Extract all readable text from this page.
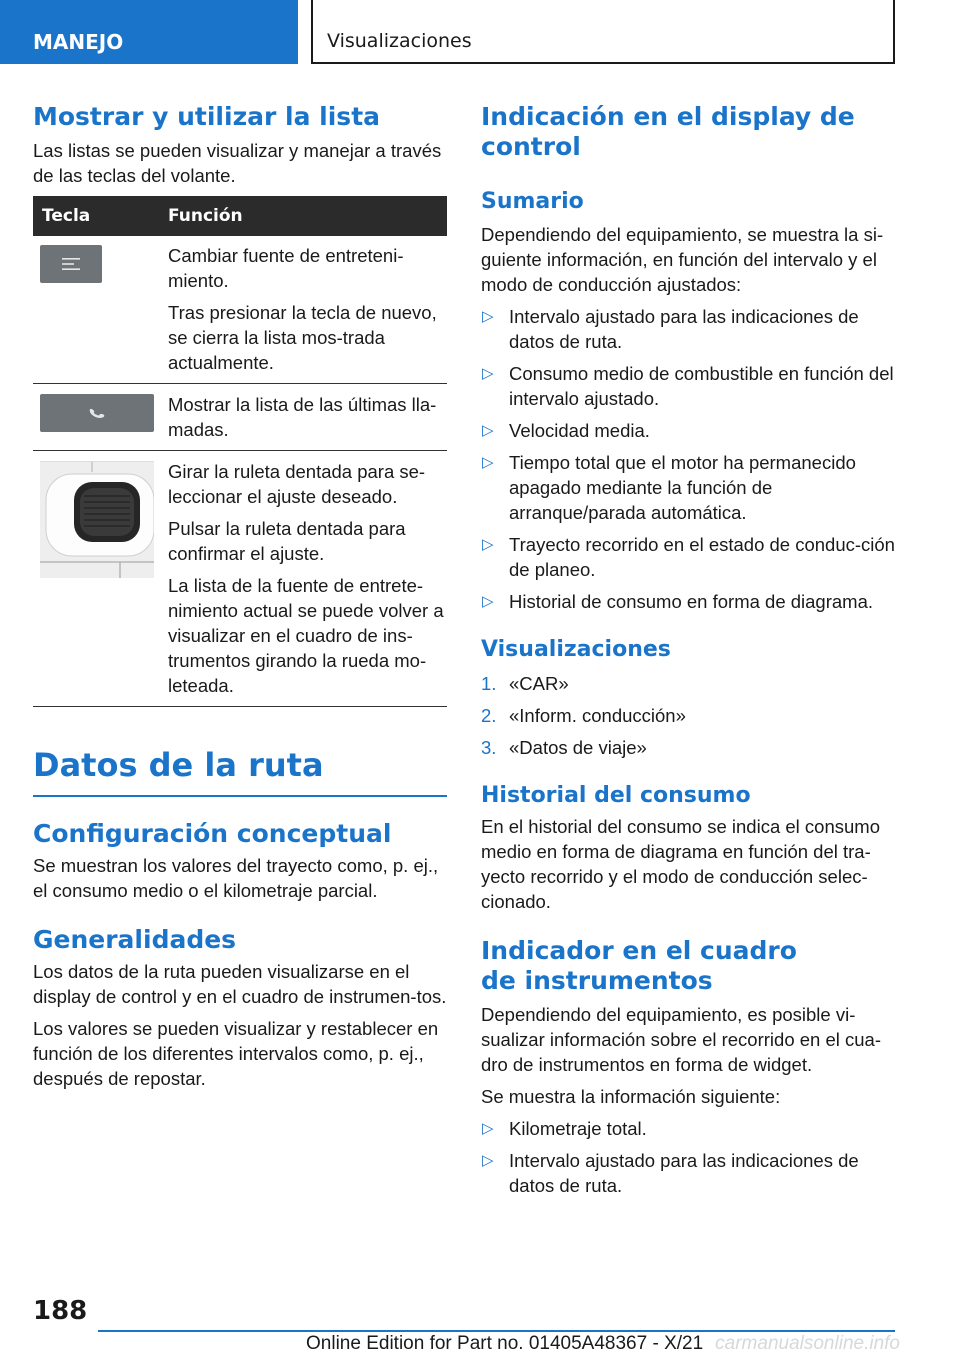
MANEJO	Visualizaciones
Mostrar y utilizar la lista

Las listas se pueden visualizar y manejar a través de las teclas del volante.

Tecla	Función

Cambiar fuente de entreteni-miento.

Tras presionar la tecla de nuevo, se cierra la lista mos-trada actualmente.

Mostrar la lista de las últimas lla-madas.

Girar la ruleta dentada para se-leccionar el ajuste deseado.

Pulsar la ruleta dentada para confirmar el ajuste.

La lista de la fuente de entrete-nimiento actual se puede volver a visualizar en el cuadro de ins-trumentos girando la rueda mo-leteada.

Datos de la ruta
Configuración conceptual

Se muestran los valores del trayecto como, p. ej., el consumo medio o el kilometraje parcial.

Generalidades

Los datos de la ruta pueden visualizarse en el display de control y en el cuadro de instrumen-tos.

Los valores se pueden visualizar y restablecer en función de los diferentes intervalos como, p. ej., después de repostar.

Indicación en el display de control
Sumario

Dependiendo del equipamiento, se muestra la si-guiente información, en función del intervalo y el modo de conducción ajustados:

▷ Intervalo ajustado para las indicaciones de datos de ruta.
▷ Consumo medio de combustible en función del intervalo ajustado.
▷ Velocidad media.
▷ Tiempo total que el motor ha permanecido apagado mediante la función de arranque/parada automática.
▷ Trayecto recorrido en el estado de conduc-ción de planeo.
▷ Historial de consumo en forma de diagrama.
Visualizaciones
1. «CAR»
2. «Inform. conducción»
3. «Datos de viaje»
Historial del consumo

En el historial del consumo se indica el consumo medio en forma de diagrama en función del tra-yecto recorrido y el modo de conducción selec-cionado.

Indicador en el cuadro
de instrumentos

Dependiendo del equipamiento, es posible vi-sualizar información sobre el recorrido en el cua-dro de instrumentos en forma de widget.

Se muestra la información siguiente:

▷ Kilometraje total.
▷ Intervalo ajustado para las indicaciones de datos de ruta.
188
Online Edition for Part no. 01405A48367 - X/21 carmanualsonline.info
